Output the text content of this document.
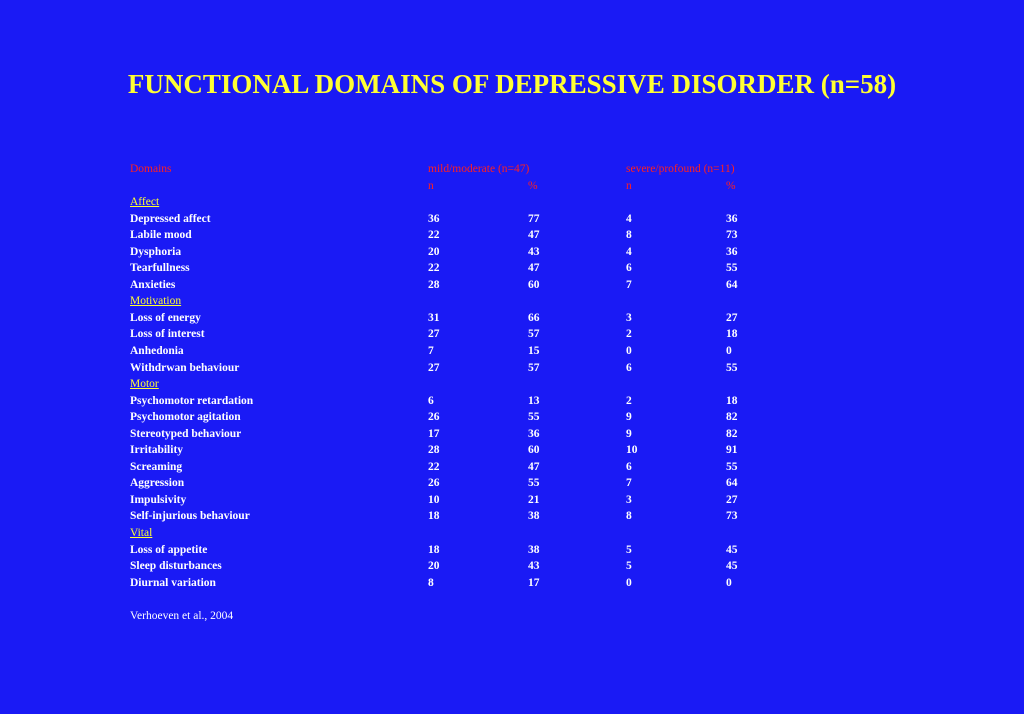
FUNCTIONAL DOMAINS OF DEPRESSIVE DISORDER (n=58)
Domains	mild/moderate (n=47)		severe/profound (n=11)	
	n	%	n	%
Affect				
Depressed affect	36	77	4	36
Labile mood	22	47	8	73
Dysphoria	20	43	4	36
Tearfullness	22	47	6	55
Anxieties	28	60	7	64
Motivation				
Loss of energy	31	66	3	27
Loss of interest	27	57	2	18
Anhedonia	7	15	0	0
Withdrwan behaviour	27	57	6	55
Motor				
Psychomotor retardation	6	13	2	18
Psychomotor agitation	26	55	9	82
Stereotyped behaviour	17	36	9	82
Irritability	28	60	10	91
Screaming	22	47	6	55
Aggression	26	55	7	64
Impulsivity	10	21	3	27
Self-injurious behaviour	18	38	8	73
Vital				
Loss of appetite	18	38	5	45
Sleep disturbances	20	43	5	45
Diurnal variation	8	17	0	0
Verhoeven et al., 2004
